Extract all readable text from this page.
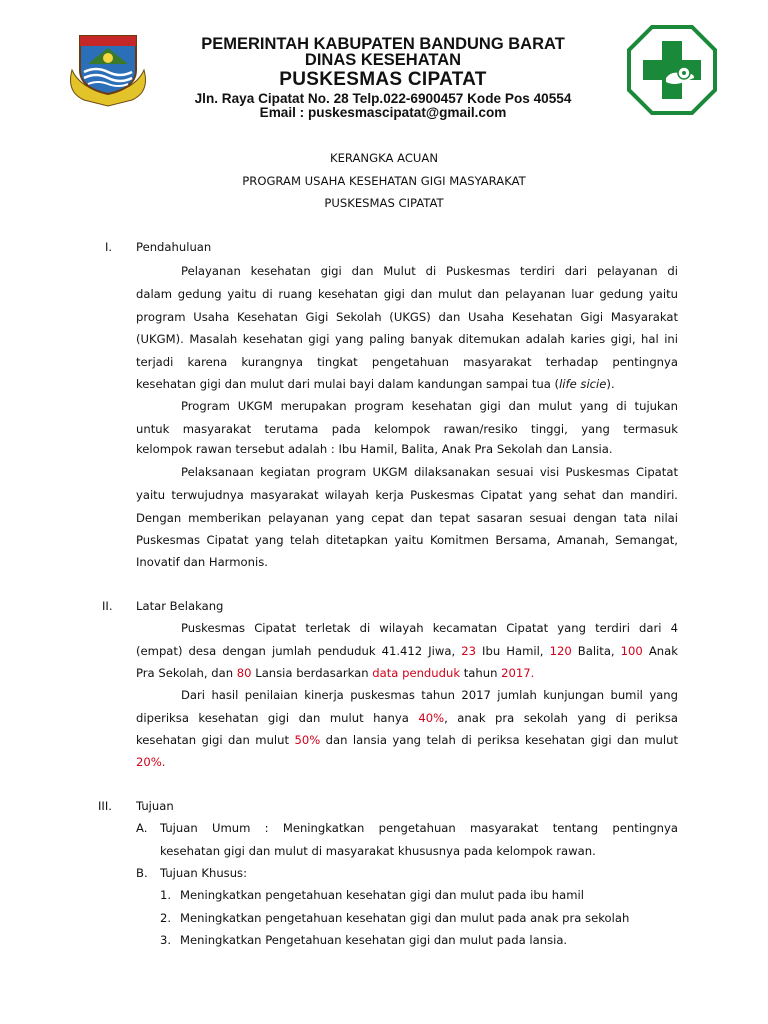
PEMERINTAH KABUPATEN BANDUNG BARAT
DINAS KESEHATAN
PUSKESMAS CIPATAT
Jln. Raya Cipatat No. 28 Telp.022-6900457 Kode Pos 40554
Email : puskesmascipatat@gmail.com
KERANGKA ACUAN
PROGRAM USAHA KESEHATAN GIGI MASYARAKAT
PUSKESMAS CIPATAT
I. Pendahuluan
Pelayanan kesehatan gigi dan Mulut di Puskesmas terdiri dari pelayanan di
dalam gedung yaitu di ruang kesehatan gigi dan mulut dan pelayanan luar gedung yaitu
program Usaha Kesehatan Gigi Sekolah (UKGS) dan Usaha Kesehatan Gigi Masyarakat
(UKGM). Masalah kesehatan gigi yang paling banyak ditemukan adalah karies gigi, hal ini
terjadi karena kurangnya tingkat pengetahuan masyarakat terhadap pentingnya
kesehatan gigi dan mulut dari mulai bayi dalam kandungan sampai tua (life sicie).
Program UKGM merupakan program kesehatan gigi dan mulut yang di tujukan
untuk masyarakat terutama pada kelompok rawan/resiko tinggi, yang termasuk
kelompok rawan tersebut adalah : Ibu Hamil, Balita, Anak Pra Sekolah dan Lansia.
Pelaksanaan kegiatan program UKGM dilaksanakan sesuai visi Puskesmas Cipatat
yaitu terwujudnya masyarakat wilayah kerja Puskesmas Cipatat yang sehat dan mandiri.
Dengan memberikan pelayanan yang cepat dan tepat sasaran sesuai dengan tata nilai
Puskesmas Cipatat yang telah ditetapkan yaitu Komitmen Bersama, Amanah, Semangat,
Inovatif dan Harmonis.
II. Latar Belakang
Puskesmas Cipatat terletak di wilayah kecamatan Cipatat yang terdiri dari 4
(empat) desa dengan jumlah penduduk 41.412 Jiwa, 23 Ibu Hamil, 120 Balita, 100 Anak
Pra Sekolah, dan 80 Lansia berdasarkan data penduduk tahun 2017.
Dari hasil penilaian kinerja puskesmas tahun 2017 jumlah kunjungan bumil yang
diperiksa kesehatan gigi dan mulut hanya 40%, anak pra sekolah yang di periksa
kesehatan gigi dan mulut 50% dan lansia yang telah di periksa kesehatan gigi dan mulut
20%.
III. Tujuan
A. Tujuan Umum : Meningkatkan pengetahuan masyarakat tentang pentingnya
kesehatan gigi dan mulut di masyarakat khususnya pada kelompok rawan.
B. Tujuan Khusus:
1. Meningkatkan pengetahuan kesehatan gigi dan mulut pada ibu hamil
2. Meningkatkan pengetahuan kesehatan gigi dan mulut pada anak pra sekolah
3. Meningkatkan Pengetahuan kesehatan gigi dan mulut pada lansia.
